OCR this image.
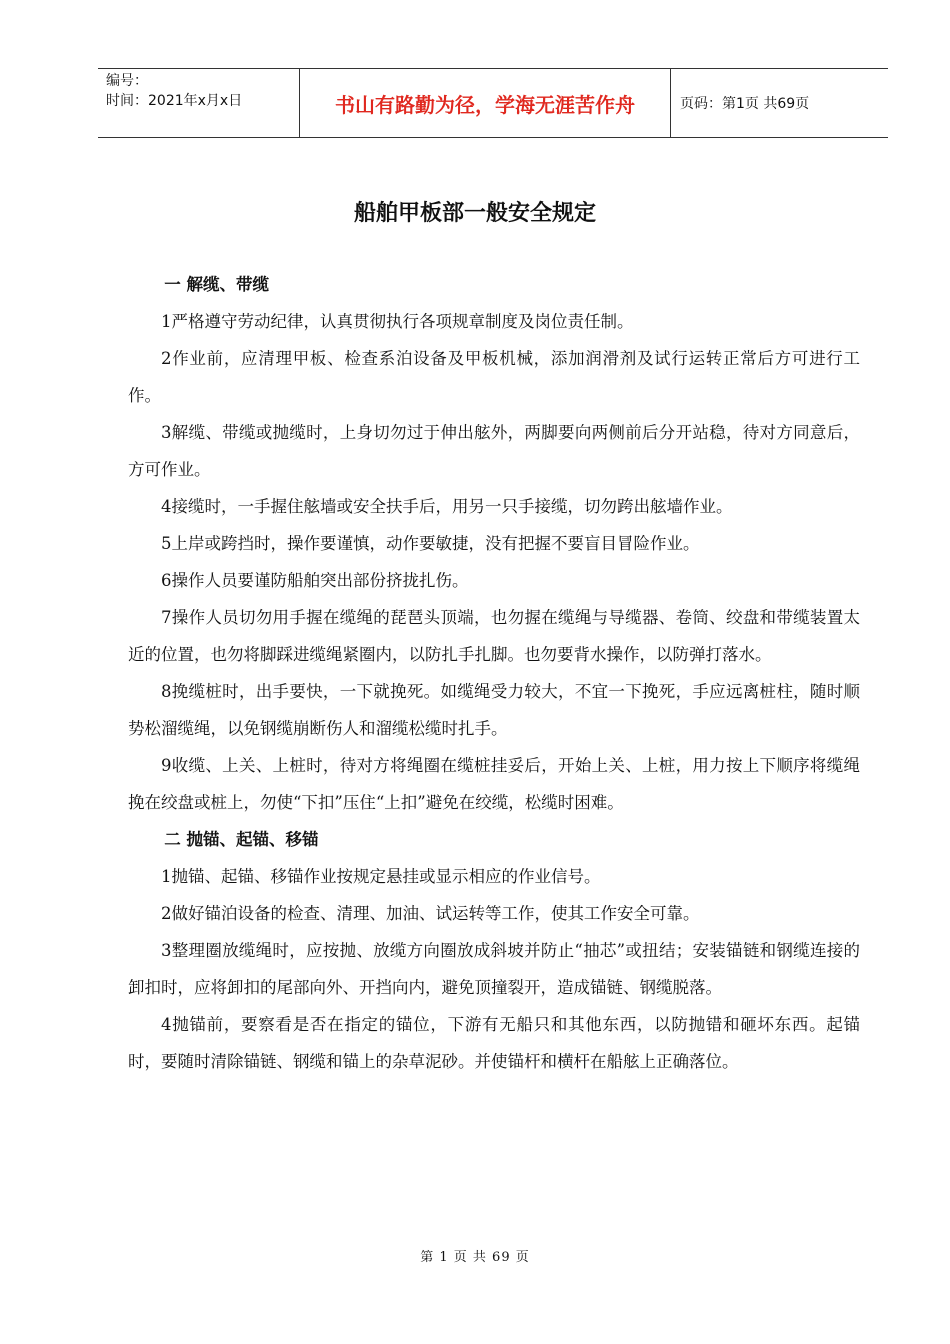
编号：
时间：2021年x月x日	书山有路勤为径，学海无涯苦作舟	页码：第1页 共69页
船舶甲板部一般安全规定

一 解缆、带缆

1严格遵守劳动纪律，认真贯彻执行各项规章制度及岗位责任制。

2作业前，应清理甲板、检查系泊设备及甲板机械，添加润滑剂及试行运转正常后方可进行工作。

3解缆、带缆或抛缆时，上身切勿过于伸出舷外，两脚要向两侧前后分开站稳，待对方同意后，方可作业。

4接缆时，一手握住舷墙或安全扶手后，用另一只手接缆，切勿跨出舷墙作业。

5上岸或跨挡时，操作要谨慎，动作要敏捷，没有把握不要盲目冒险作业。

6操作人员要谨防船舶突出部份挤拢扎伤。

7操作人员切勿用手握在缆绳的琵琶头顶端，也勿握在缆绳与导缆器、卷筒、绞盘和带缆装置太近的位置，也勿将脚踩进缆绳紧圈内，以防扎手扎脚。也勿要背水操作，以防弹打落水。

8挽缆桩时，出手要快，一下就挽死。如缆绳受力较大，不宜一下挽死，手应远离桩柱，随时顺势松溜缆绳，以免钢缆崩断伤人和溜缆松缆时扎手。

9收缆、上关、上桩时，待对方将绳圈在缆桩挂妥后，开始上关、上桩，用力按上下顺序将缆绳挽在绞盘或桩上，勿使“下扣”压住“上扣”避免在绞缆，松缆时困难。

二 抛锚、起锚、移锚

1抛锚、起锚、移锚作业按规定悬挂或显示相应的作业信号。

2做好锚泊设备的检查、清理、加油、试运转等工作，使其工作安全可靠。

3整理圈放缆绳时，应按抛、放缆方向圈放成斜坡并防止“抽芯”或扭结；安装锚链和钢缆连接的卸扣时，应将卸扣的尾部向外、开挡向内，避免顶撞裂开，造成锚链、钢缆脱落。

4抛锚前，要察看是否在指定的锚位，下游有无船只和其他东西，以防抛错和砸坏东西。起锚时，要随时清除锚链、钢缆和锚上的杂草泥砂。并使锚杆和横杆在船舷上正确落位。

第 1 页 共 69 页
